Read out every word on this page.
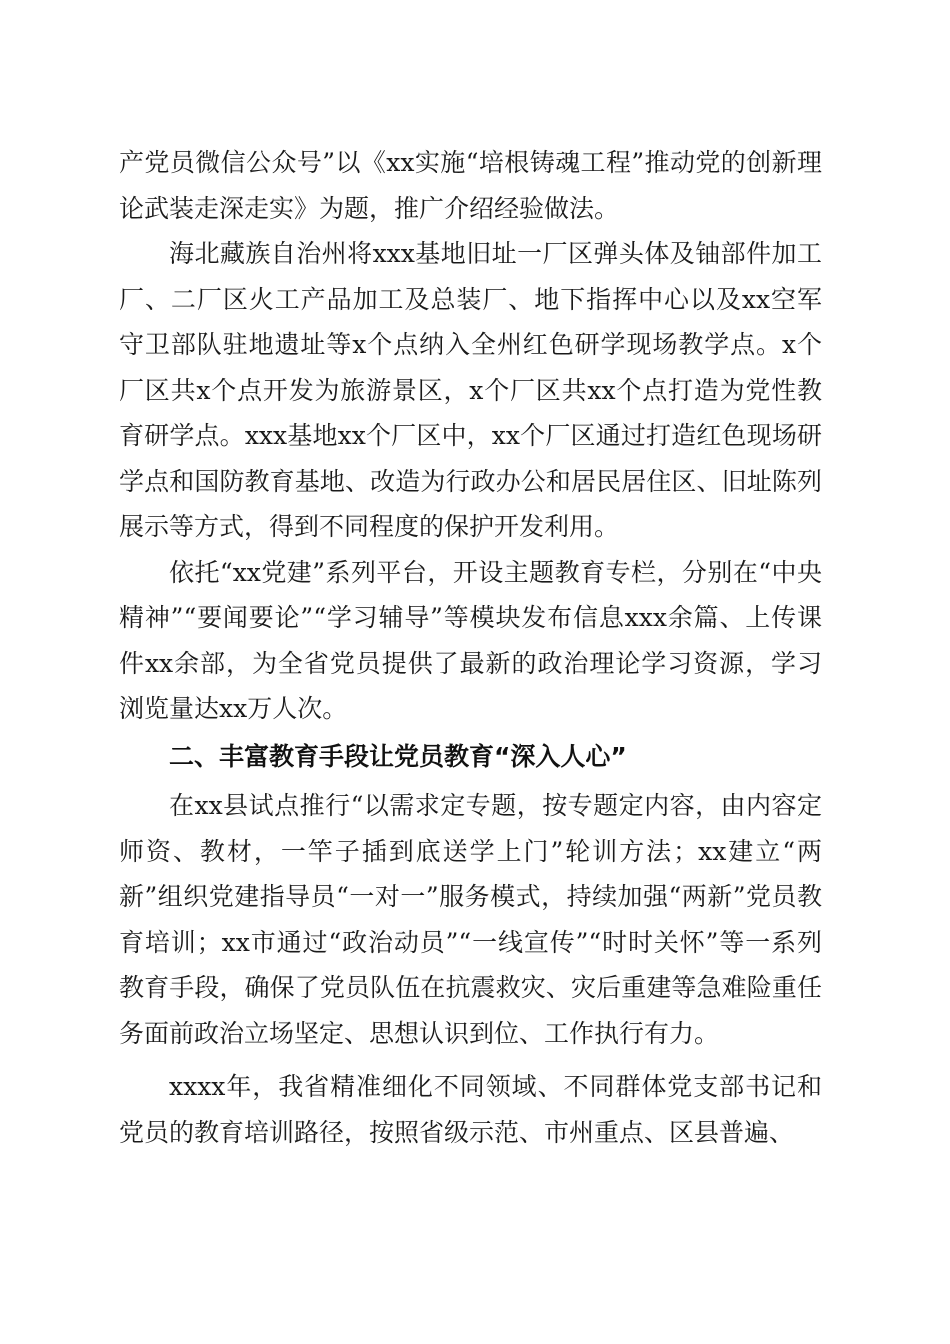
产党员微信公众号”以《xx实施“培根铸魂工程”推动党的创新理论武装走深走实》为题，推广介绍经验做法。

海北藏族自治州将xxx基地旧址一厂区弹头体及铀部件加工厂、二厂区火工产品加工及总装厂、地下指挥中心以及xx空军守卫部队驻地遗址等x个点纳入全州红色研学现场教学点。x个厂区共x个点开发为旅游景区，x个厂区共xx个点打造为党性教育研学点。xxx基地xx个厂区中，xx个厂区通过打造红色现场研学点和国防教育基地、改造为行政办公和居民居住区、旧址陈列展示等方式，得到不同程度的保护开发利用。

依托“xx党建”系列平台，开设主题教育专栏，分别在“中央精神”“要闻要论”“学习辅导”等模块发布信息xxx余篇、上传课件xx余部，为全省党员提供了最新的政治理论学习资源，学习浏览量达xx万人次。

二、丰富教育手段让党员教育“深入人心”

在xx县试点推行“以需求定专题，按专题定内容，由内容定师资、教材，一竿子插到底送学上门”轮训方法；xx建立“两新”组织党建指导员“一对一”服务模式，持续加强“两新”党员教育培训；xx市通过“政治动员”“一线宣传”“时时关怀”等一系列教育手段，确保了党员队伍在抗震救灾、灾后重建等急难险重任务面前政治立场坚定、思想认识到位、工作执行有力。

xxxx年，我省精准细化不同领域、不同群体党支部书记和党员的教育培训路径，按照省级示范、市州重点、区县普遍、
